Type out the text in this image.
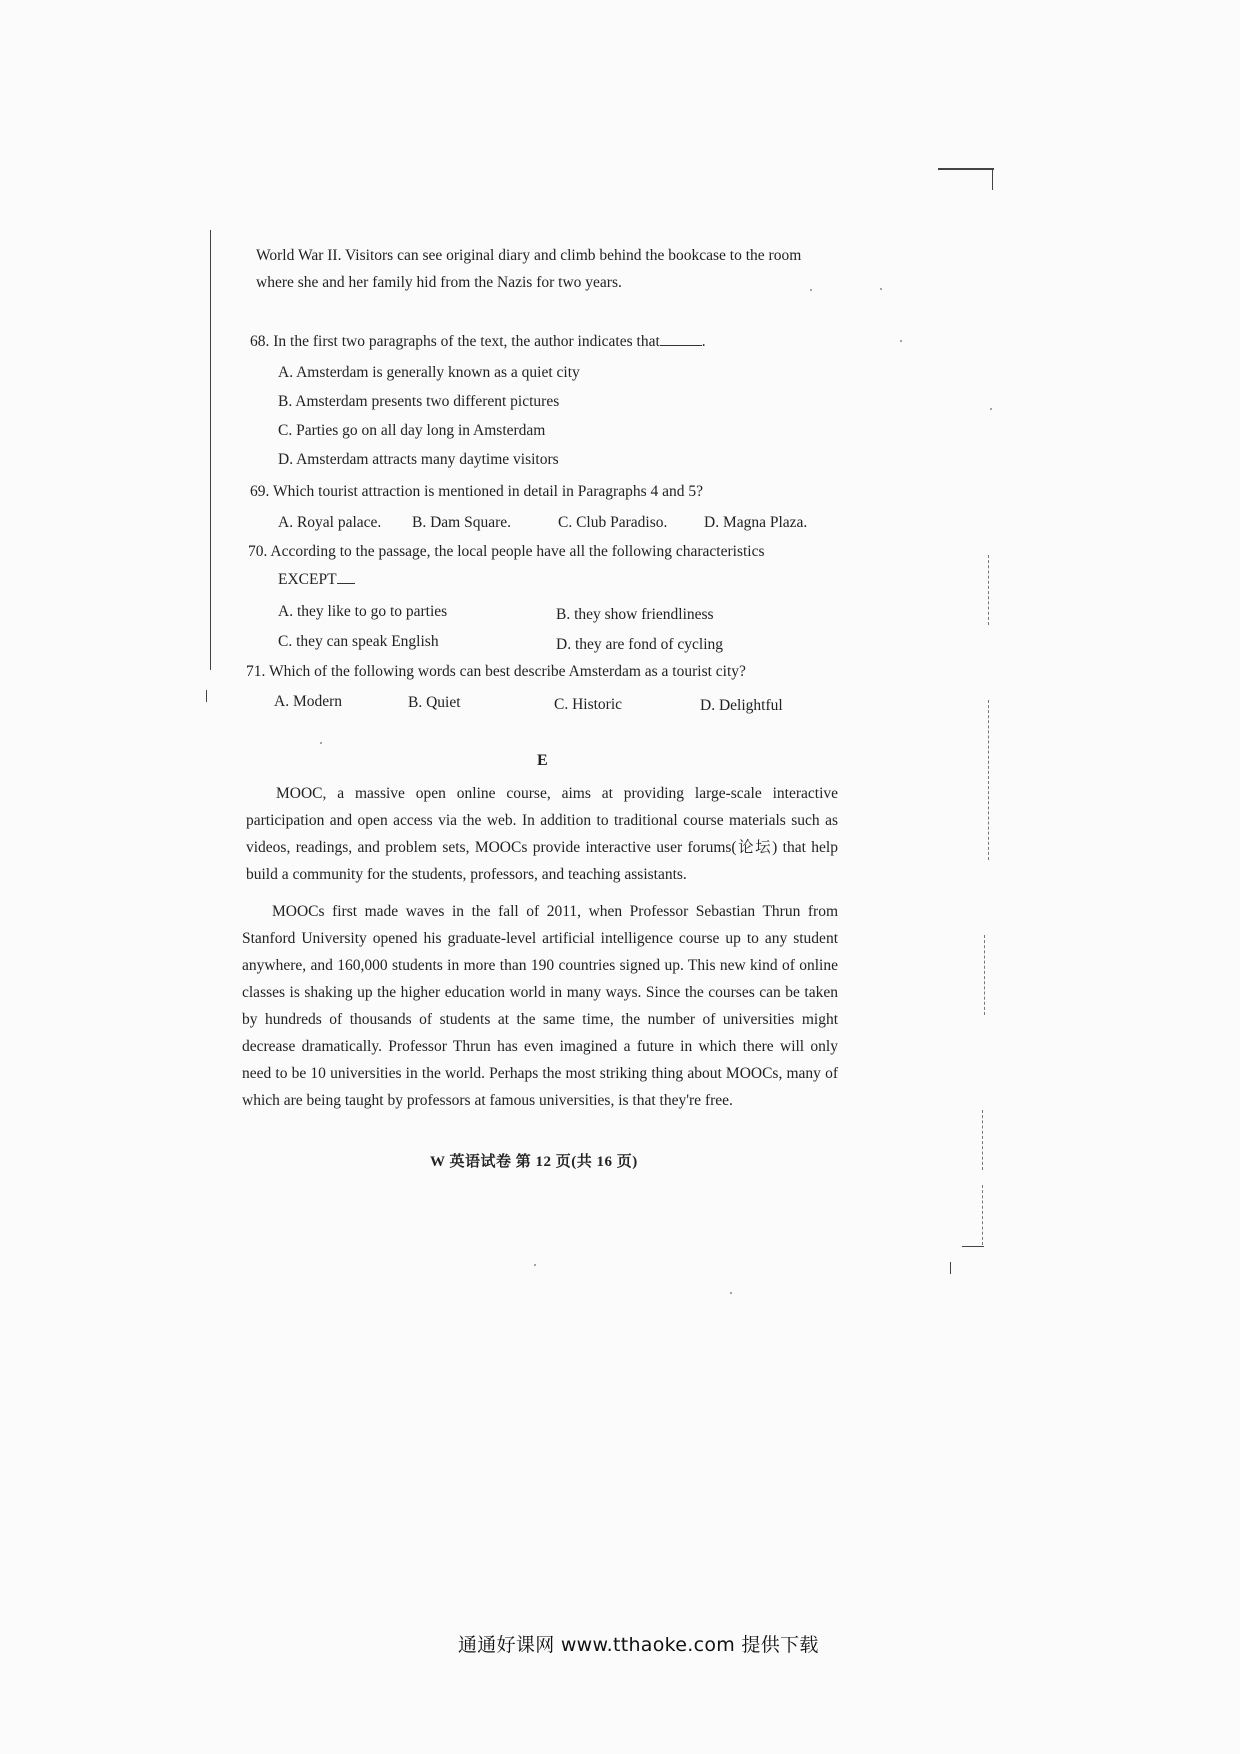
World War II. Visitors can see original diary and climb behind the bookcase to the room
where she and her family hid from the Nazis for two years.
68. In the first two paragraphs of the text, the author indicates that	.
A. Amsterdam is generally known as a quiet city
B. Amsterdam presents two different pictures
C. Parties go on all day long in Amsterdam
D. Amsterdam attracts many daytime visitors
69. Which tourist attraction is mentioned in detail in Paragraphs 4 and 5?
A. Royal palace. B. Dam Square.	C. Club Paradiso. D. Magna Plaza.
70. According to the passage, the local people have all the following characteristics
EXCEPT
A. they like to go to parties	B. they show friendliness
C. they can speak English	D. they are fond of cycling
71. Which of the following words can best describe Amsterdam as a tourist city?
A. Modern	B. Quiet	C. Historic	D. Delightful
E
MOOC, a massive open online course, aims at providing large-scale interactive participation and open access via the web. In addition to traditional course materials such as videos, readings, and problem sets, MOOCs provide interactive user forums(论坛) that help build a community for the students, professors, and teaching assistants.
MOOCs first made waves in the fall of 2011, when Professor Sebastian Thrun from Stanford University opened his graduate-level artificial intelligence course up to any student anywhere, and 160,000 students in more than 190 countries signed up. This new kind of online classes is shaking up the higher education world in many ways. Since the courses can be taken by hundreds of thousands of students at the same time, the number of universities might decrease dramatically. Professor Thrun has even imagined a future in which there will only need to be 10 universities in the world. Perhaps the most striking thing about MOOCs, many of which are being taught by professors at famous universities, is that they're free.
W 英语试卷 第 12 页(共 16 页)
通通好课网 www.tthaoke.com 提供下载
